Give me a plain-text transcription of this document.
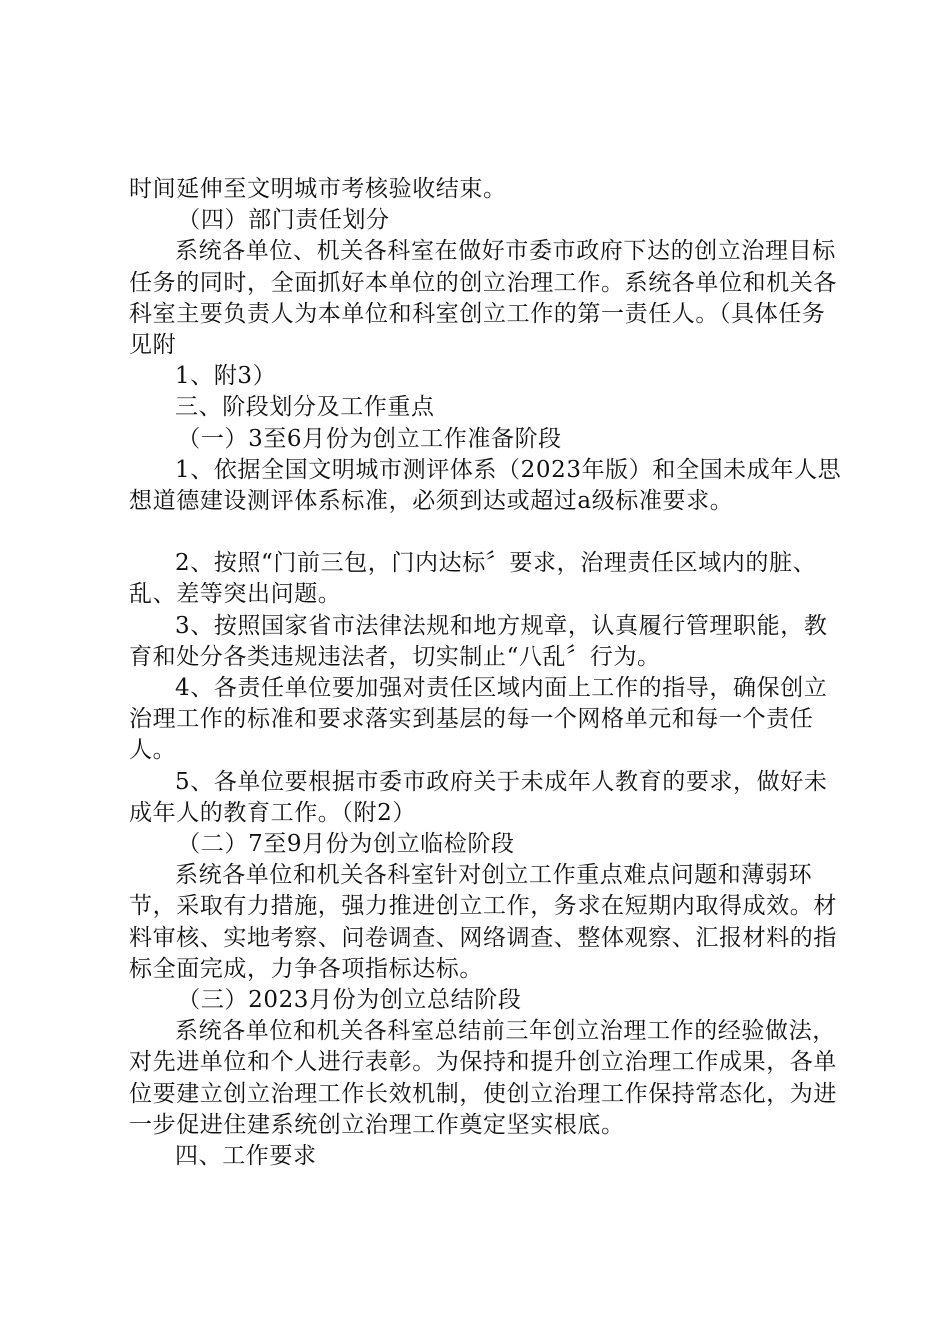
时间延伸至文明城市考核验收结束。

（四）部门责任划分

系统各单位、机关各科室在做好市委市政府下达的创立治理目标任务的同时，全面抓好本单位的创立治理工作。系统各单位和机关各科室主要负责人为本单位和科室创立工作的第一责任人。（具体任务见附

1、附3）

三、阶段划分及工作重点

（一）3至6月份为创立工作准备阶段

1、依据全国文明城市测评体系（2023年版）和全国未成年人思想道德建设测评体系标准，必须到达或超过a级标准要求。

2、按照“门前三包，门内达标〞要求，治理责任区域内的脏、乱、差等突出问题。

3、按照国家省市法律法规和地方规章，认真履行管理职能，教育和处分各类违规违法者，切实制止“八乱〞行为。

4、各责任单位要加强对责任区域内面上工作的指导，确保创立治理工作的标准和要求落实到基层的每一个网格单元和每一个责任人。

5、各单位要根据市委市政府关于未成年人教育的要求，做好未成年人的教育工作。（附2）

（二）7至9月份为创立临检阶段

系统各单位和机关各科室针对创立工作重点难点问题和薄弱环节，采取有力措施，强力推进创立工作，务求在短期内取得成效。材料审核、实地考察、问卷调查、网络调查、整体观察、汇报材料的指标全面完成，力争各项指标达标。

（三）2023月份为创立总结阶段

系统各单位和机关各科室总结前三年创立治理工作的经验做法，对先进单位和个人进行表彰。为保持和提升创立治理工作成果，各单位要建立创立治理工作长效机制，使创立治理工作保持常态化，为进一步促进住建系统创立治理工作奠定坚实根底。

四、工作要求
